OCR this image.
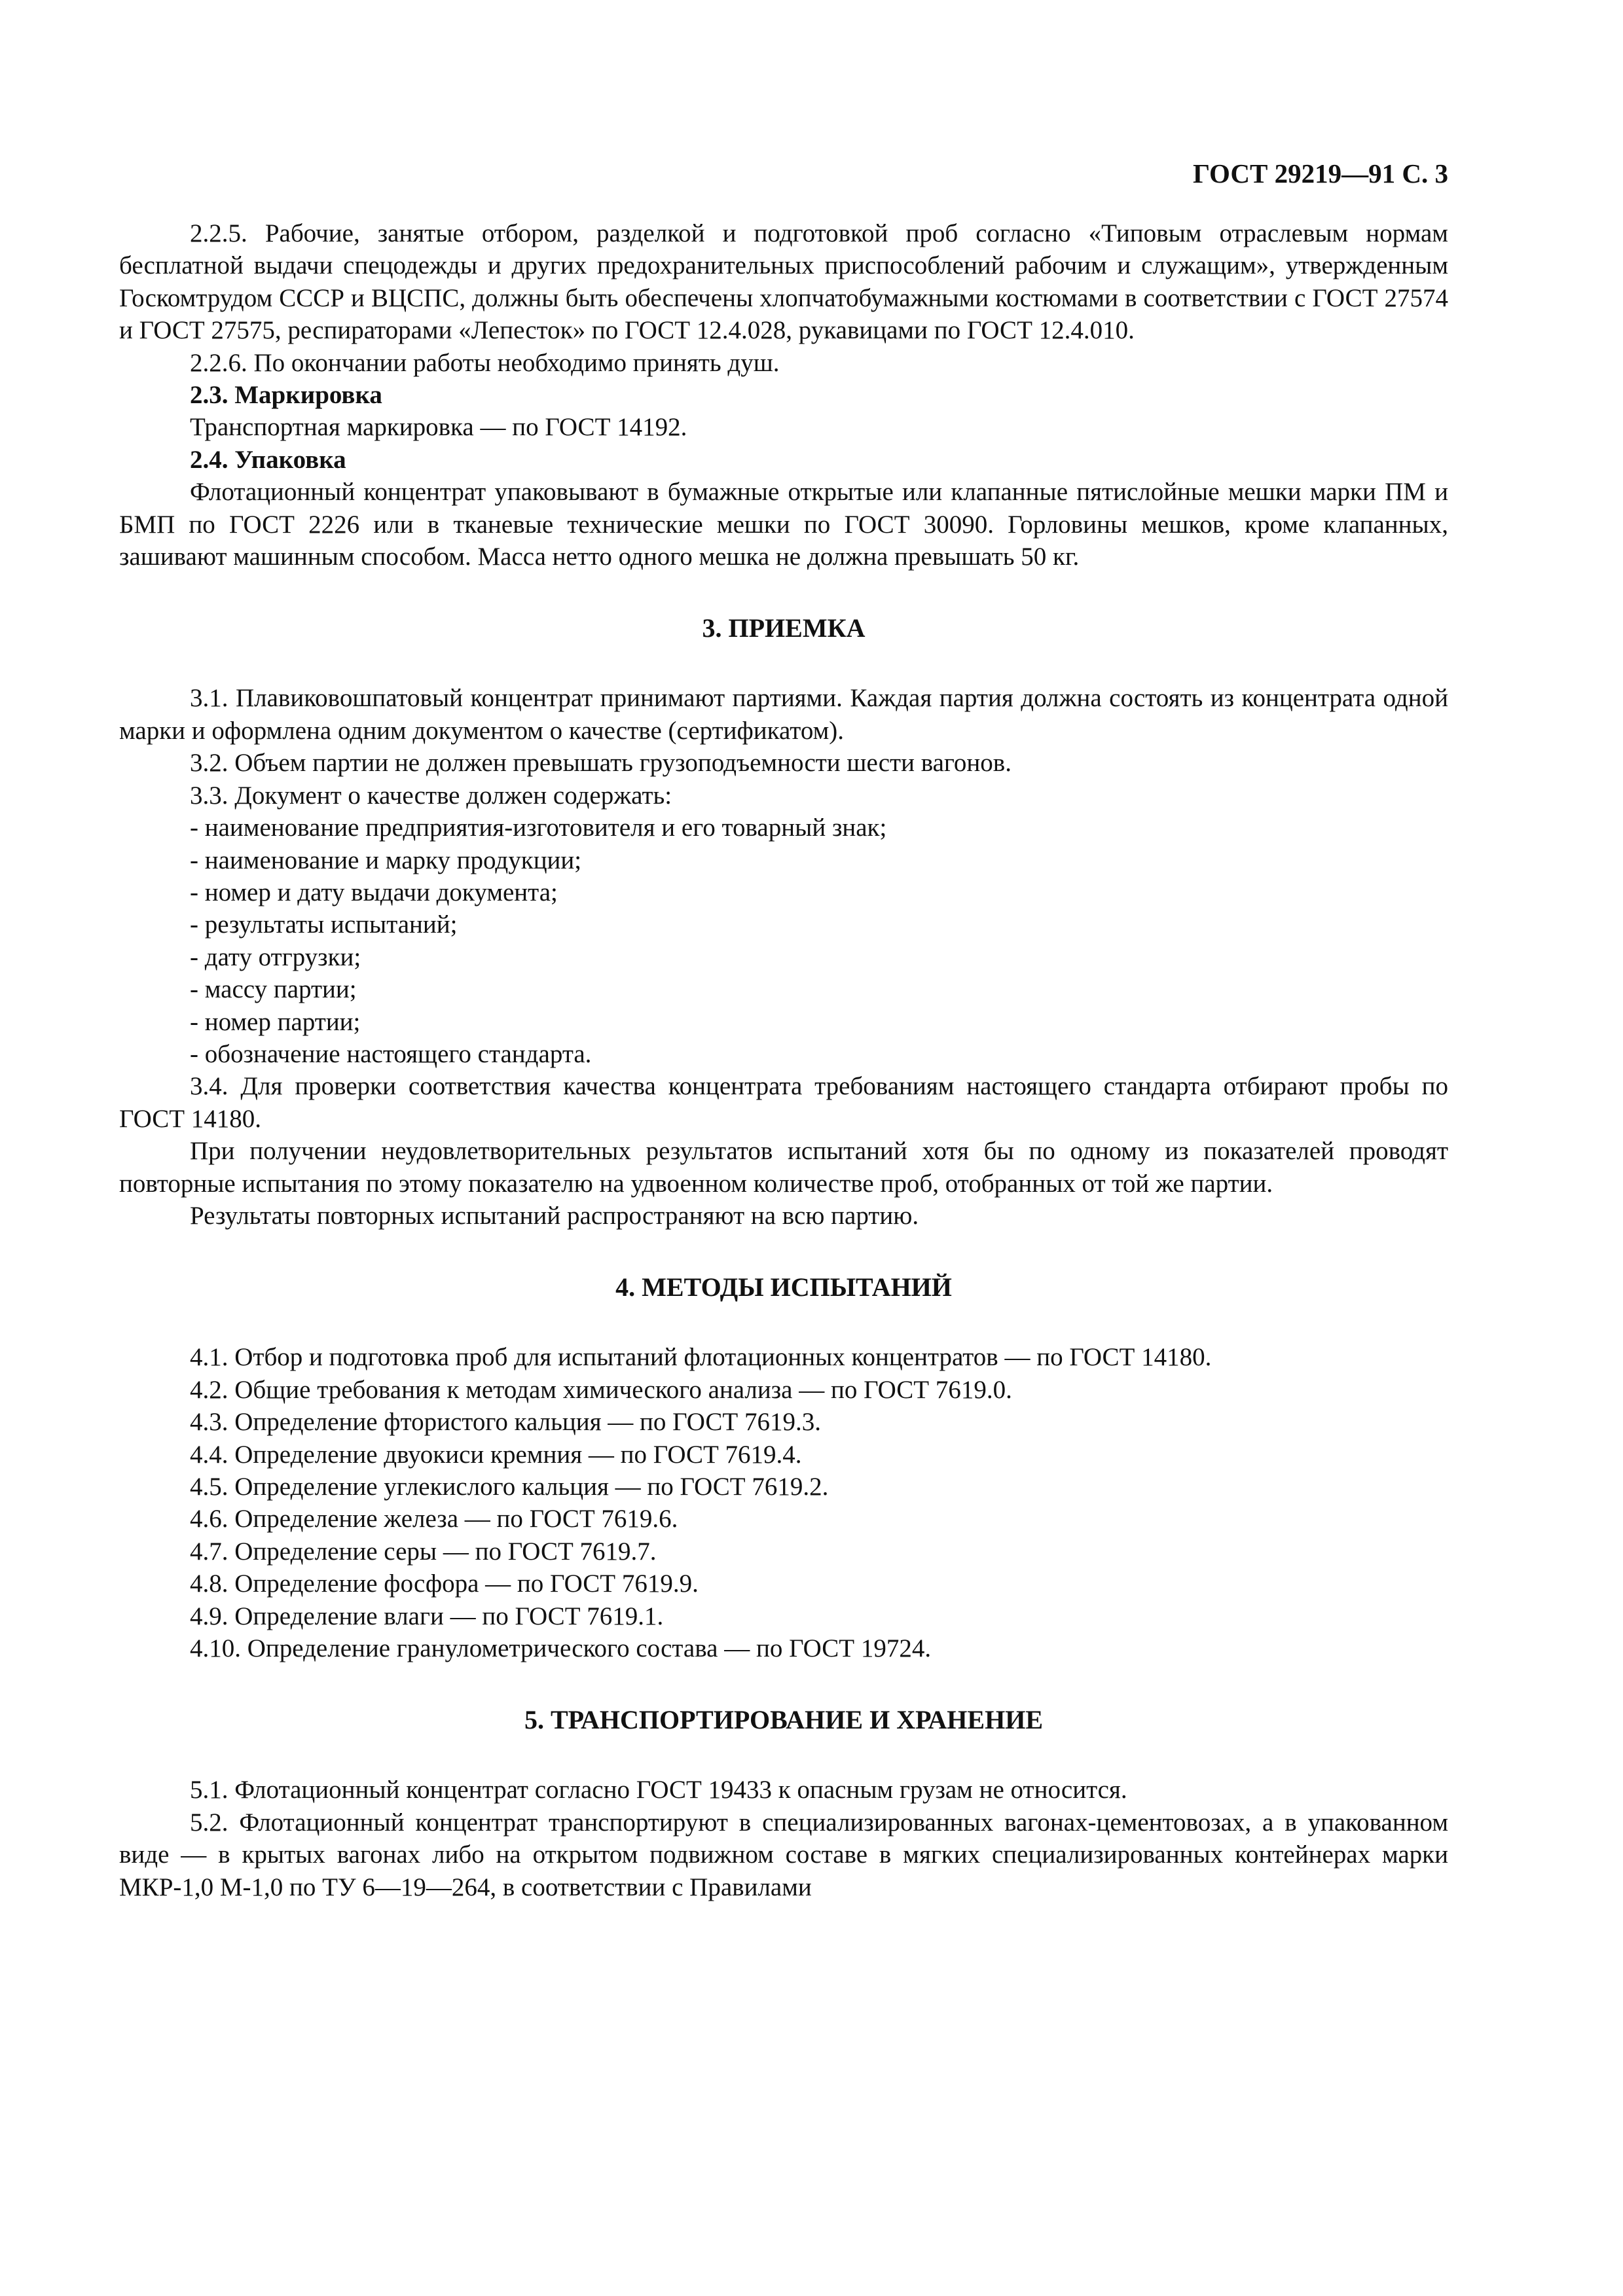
ГОСТ 29219—91 С. 3

2.2.5. Рабочие, занятые отбором, разделкой и подготовкой проб согласно «Типовым отраслевым нормам бесплатной выдачи спецодежды и других предохранительных приспособлений рабочим и служащим», утвержденным Госкомтрудом СССР и ВЦСПС, должны быть обеспечены хлопчатобумажными костюмами в соответствии с ГОСТ 27574 и ГОСТ 27575, респираторами «Лепесток» по ГОСТ 12.4.028, рукавицами по ГОСТ 12.4.010.

2.2.6. По окончании работы необходимо принять душ.

2.3. Маркировка

Транспортная маркировка — по ГОСТ 14192.

2.4. Упаковка

Флотационный концентрат упаковывают в бумажные открытые или клапанные пятислойные мешки марки ПМ и БМП по ГОСТ 2226 или в тканевые технические мешки по ГОСТ 30090. Горловины мешков, кроме клапанных, зашивают машинным способом. Масса нетто одного мешка не должна превышать 50 кг.

3. ПРИЕМКА

3.1. Плавиковошпатовый концентрат принимают партиями. Каждая партия должна состоять из концентрата одной марки и оформлена одним документом о качестве (сертификатом).

3.2. Объем партии не должен превышать грузоподъемности шести вагонов.

3.3. Документ о качестве должен содержать:

- наименование предприятия-изготовителя и его товарный знак;

- наименование и марку продукции;

- номер и дату выдачи документа;

- результаты испытаний;

- дату отгрузки;

- массу партии;

- номер партии;

- обозначение настоящего стандарта.

3.4. Для проверки соответствия качества концентрата требованиям настоящего стандарта отбирают пробы по ГОСТ 14180.

При получении неудовлетворительных результатов испытаний хотя бы по одному из показателей проводят повторные испытания по этому показателю на удвоенном количестве проб, отобранных от той же партии.

Результаты повторных испытаний распространяют на всю партию.

4. МЕТОДЫ ИСПЫТАНИЙ

4.1. Отбор и подготовка проб для испытаний флотационных концентратов — по ГОСТ 14180.

4.2. Общие требования к методам химического анализа — по ГОСТ 7619.0.

4.3. Определение фтористого кальция — по ГОСТ 7619.3.

4.4. Определение двуокиси кремния — по ГОСТ 7619.4.

4.5. Определение углекислого кальция — по ГОСТ 7619.2.

4.6. Определение железа — по ГОСТ 7619.6.

4.7. Определение серы — по ГОСТ 7619.7.

4.8. Определение фосфора — по ГОСТ 7619.9.

4.9. Определение влаги — по ГОСТ 7619.1.

4.10. Определение гранулометрического состава — по ГОСТ 19724.

5. ТРАНСПОРТИРОВАНИЕ И ХРАНЕНИЕ

5.1. Флотационный концентрат согласно ГОСТ 19433 к опасным грузам не относится.

5.2. Флотационный концентрат транспортируют в специализированных вагонах-цементовозах, а в упакованном виде — в крытых вагонах либо на открытом подвижном составе в мягких специализированных контейнерах марки МКР-1,0 М-1,0 по ТУ 6—19—264, в соответствии с Правилами
